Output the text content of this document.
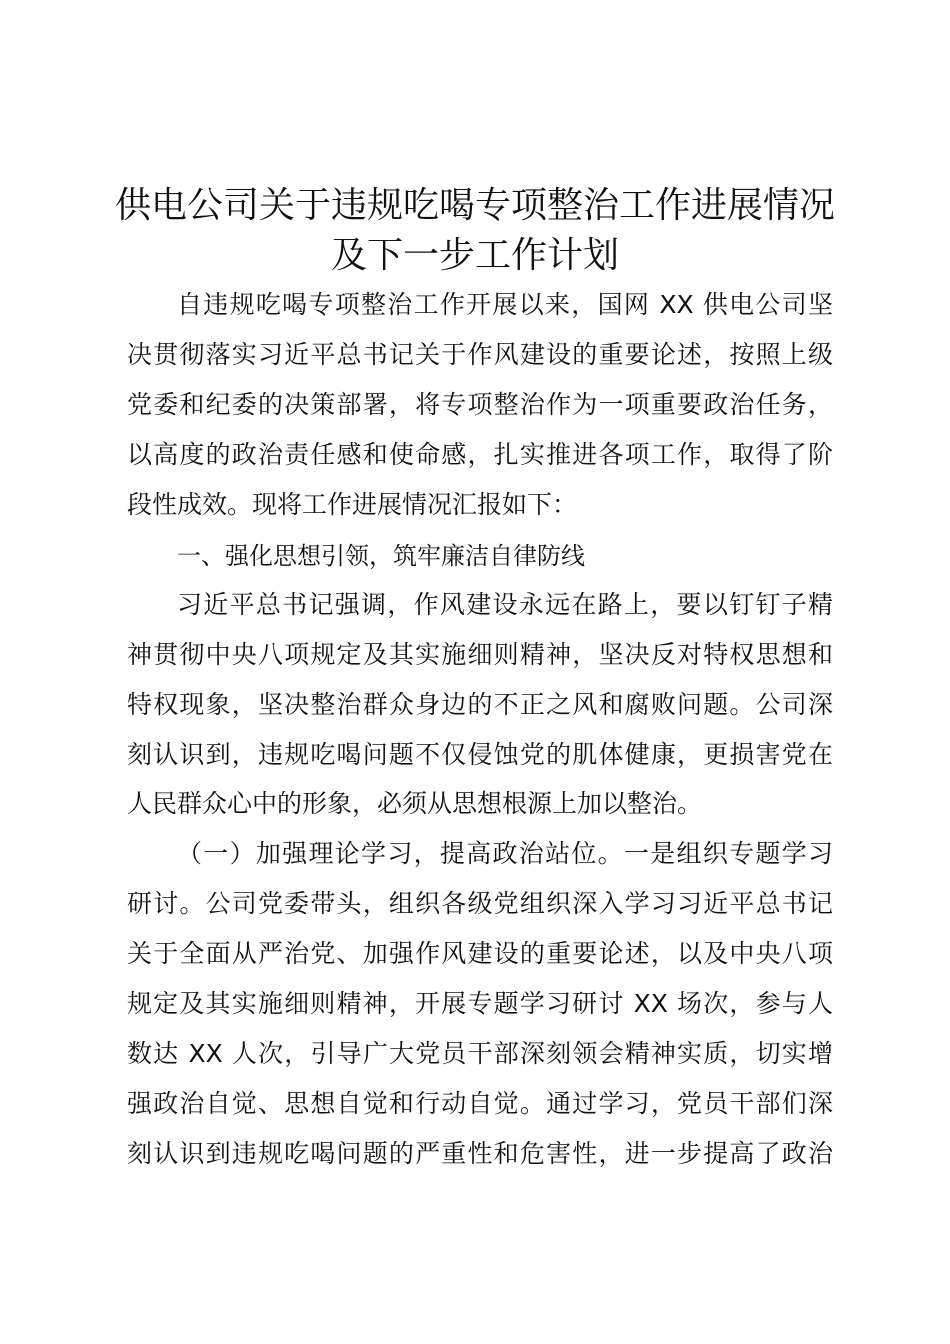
供电公司关于违规吃喝专项整治工作进展情况
及下一步工作计划
自违规吃喝专项整治工作开展以来，国网 XX 供电公司坚
决贯彻落实习近平总书记关于作风建设的重要论述，按照上级
党委和纪委的决策部署，将专项整治作为一项重要政治任务，
以高度的政治责任感和使命感，扎实推进各项工作，取得了阶
段性成效。现将工作进展情况汇报如下：
一、强化思想引领，筑牢廉洁自律防线
习近平总书记强调，作风建设永远在路上，要以钉钉子精
神贯彻中央八项规定及其实施细则精神，坚决反对特权思想和
特权现象，坚决整治群众身边的不正之风和腐败问题。公司深
刻认识到，违规吃喝问题不仅侵蚀党的肌体健康，更损害党在
人民群众心中的形象，必须从思想根源上加以整治。
（一）加强理论学习，提高政治站位。一是组织专题学习
研讨。公司党委带头，组织各级党组织深入学习习近平总书记
关于全面从严治党、加强作风建设的重要论述，以及中央八项
规定及其实施细则精神，开展专题学习研讨 XX 场次，参与人
数达 XX 人次，引导广大党员干部深刻领会精神实质，切实增
强政治自觉、思想自觉和行动自觉。通过学习，党员干部们深
刻认识到违规吃喝问题的严重性和危害性，进一步提高了政治
